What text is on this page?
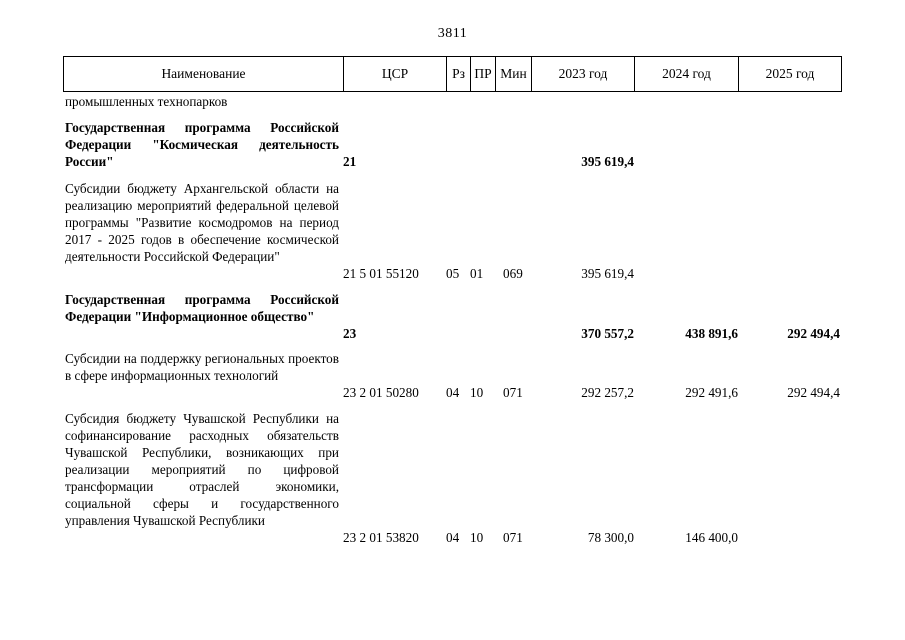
3811
Наименование	ЦСР	Рз ПР Мин	2023 год	2024 год	2025 год
промышленных технопарков
Государственная программа Российской Федерации "Космическая деятельность России"	21	395 619,4
Субсидии бюджету Архангельской области на реализацию мероприятий федеральной целевой программы "Развитие космодромов на период 2017 - 2025 годов в обеспечение космической деятельности Российской Федерации"
21 5 01 55120 05 01 069	395 619,4
Государственная программа Российской Федерации "Информационное общество"
23	370 557,2	438 891,6	292 494,4
Субсидии на поддержку региональных проектов в сфере информационных технологий
23 2 01 50280 04 10 071	292 257,2	292 491,6	292 494,4
Субсидия бюджету Чувашской Республики на софинансирование расходных обязательств Чувашской Республики, возникающих при реализации мероприятий по цифровой трансформации отраслей экономики, социальной сферы и государственного управления Чувашской Республики
23 2 01 53820 04 10 071	78 300,0	146 400,0
